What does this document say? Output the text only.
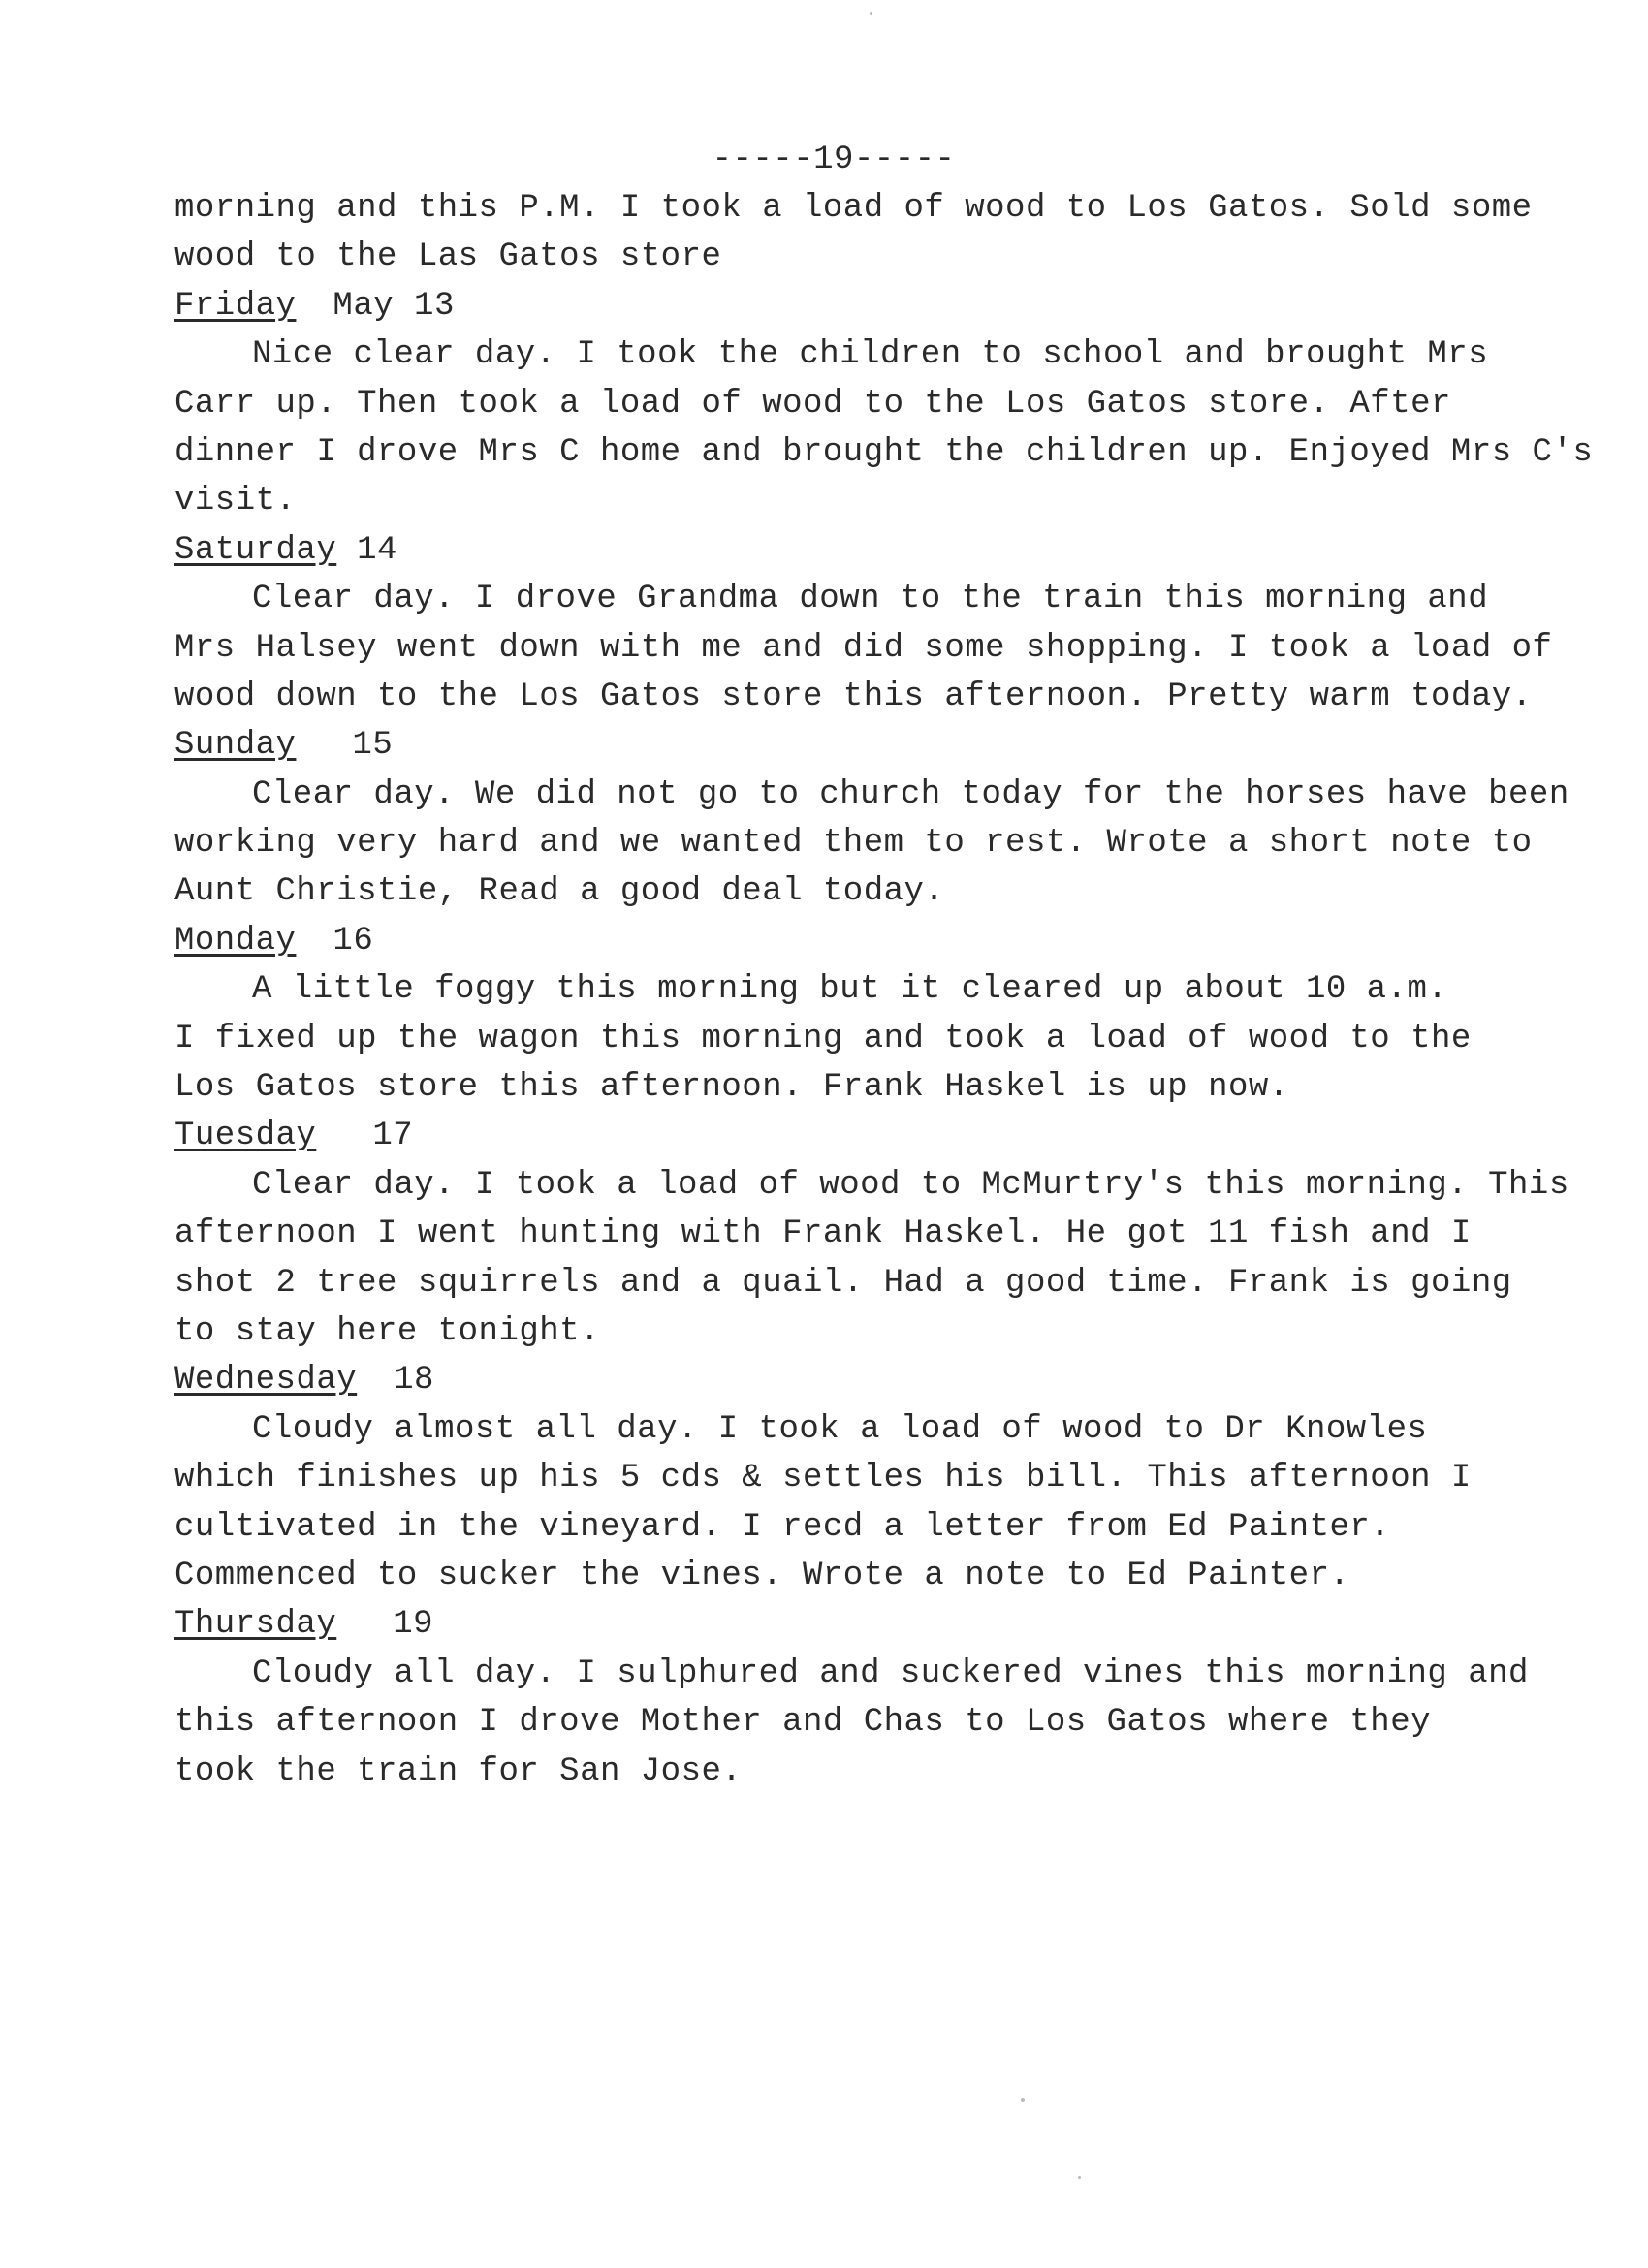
-----19-----
morning and this P.M. I took a load of wood to Los Gatos. Sold some
wood to the Las Gatos store
Friday May 13
Nice clear day. I took the children to school and brought Mrs
Carr up. Then took a load of wood to the Los Gatos store. After
dinner I drove Mrs C home and brought the children up. Enjoyed Mrs C's
visit.
Saturday 14
Clear day. I drove Grandma down to the train this morning and
Mrs Halsey went down with me and did some shopping. I took a load of
wood down to the Los Gatos store this afternoon. Pretty warm today.
Sunday 15
Clear day. We did not go to church today for the horses have been
working very hard and we wanted them to rest. Wrote a short note to
Aunt Christie, Read a good deal today.
Monday 16
A little foggy this morning but it cleared up about 10 a.m.
I fixed up the wagon this morning and took a load of wood to the
Los Gatos store this afternoon. Frank Haskel is up now.
Tuesday 17
Clear day. I took a load of wood to McMurtry's this morning. This
afternoon I went hunting with Frank Haskel. He got 11 fish and I
shot 2 tree squirrels and a quail. Had a good time. Frank is going
to stay here tonight.
Wednesday 18
Cloudy almost all day. I took a load of wood to Dr Knowles
which finishes up his 5 cds & settles his bill. This afternoon I
cultivated in the vineyard. I recd a letter from Ed Painter.
Commenced to sucker the vines. Wrote a note to Ed Painter.
Thursday 19
Cloudy all day. I sulphured and suckered vines this morning and
this afternoon I drove Mother and Chas to Los Gatos where they
took the train for San Jose.
